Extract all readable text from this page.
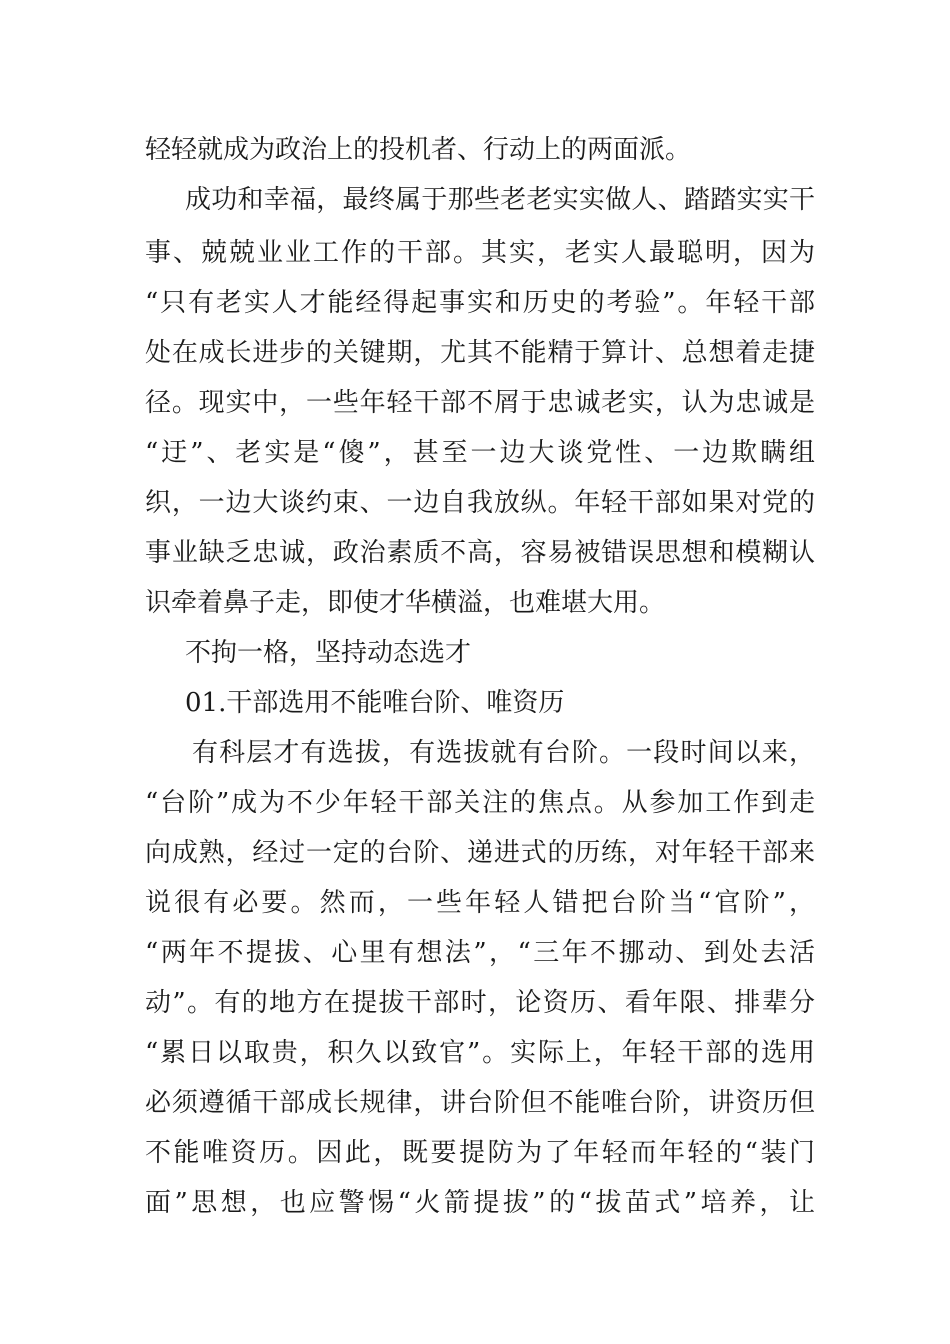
轻轻就成为政治上的投机者、行动上的两面派。
成功和幸福，最终属于那些老老实实做人、踏踏实实干
事、兢兢业业工作的干部。其实，老实人最聪明，因为
“只有老实人才能经得起事实和历史的考验”。年轻干部
处在成长进步的关键期，尤其不能精于算计、总想着走捷
径。现实中，一些年轻干部不屑于忠诚老实，认为忠诚是
“迂”、老实是“傻”，甚至一边大谈党性、一边欺瞒组
织，一边大谈约束、一边自我放纵。年轻干部如果对党的
事业缺乏忠诚，政治素质不高，容易被错误思想和模糊认
识牵着鼻子走，即使才华横溢，也难堪大用。
不拘一格，坚持动态选才
01.干部选用不能唯台阶、唯资历
有科层才有选拔，有选拔就有台阶。一段时间以来，
“台阶”成为不少年轻干部关注的焦点。从参加工作到走
向成熟，经过一定的台阶、递进式的历练，对年轻干部来
说很有必要。然而，一些年轻人错把台阶当“官阶”，
“两年不提拔、心里有想法”，“三年不挪动、到处去活
动”。有的地方在提拔干部时，论资历、看年限、排辈分
“累日以取贵，积久以致官”。实际上，年轻干部的选用
必须遵循干部成长规律，讲台阶但不能唯台阶，讲资历但
不能唯资历。因此，既要提防为了年轻而年轻的“装门
面”思想，也应警惕“火箭提拔”的“拔苗式”培养，让
